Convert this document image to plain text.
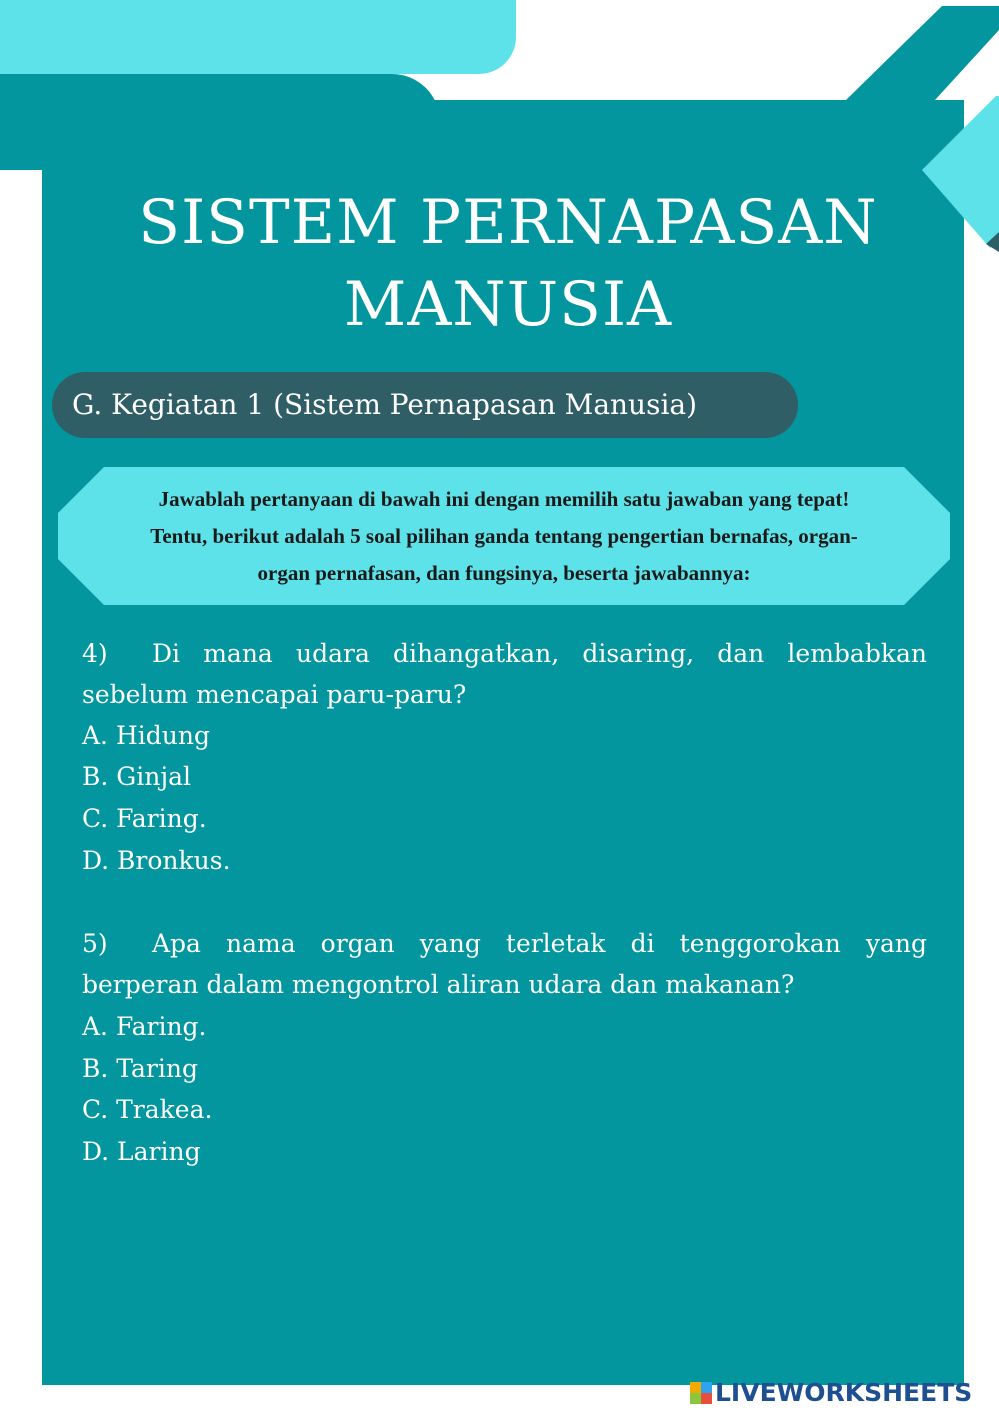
SISTEM PERNAPASAN
MANUSIA
G. Kegiatan 1 (Sistem Pernapasan Manusia)
Jawablah pertanyaan di bawah ini dengan memilih satu jawaban yang tepat!
Tentu, berikut adalah 5 soal pilihan ganda tentang pengertian bernafas, organ-
organ pernafasan, dan fungsinya, beserta jawabannya:
4) Di mana udara dihangatkan, disaring, dan lembabkan sebelum mencapai paru-paru?
A. Hidung
B. Ginjal
C. Faring.
D. Bronkus.
5) Apa nama organ yang terletak di tenggorokan yang berperan dalam mengontrol aliran udara dan makanan?
A. Faring.
B. Taring
C. Trakea.
D. Laring
LIVEWORKSHEETS
